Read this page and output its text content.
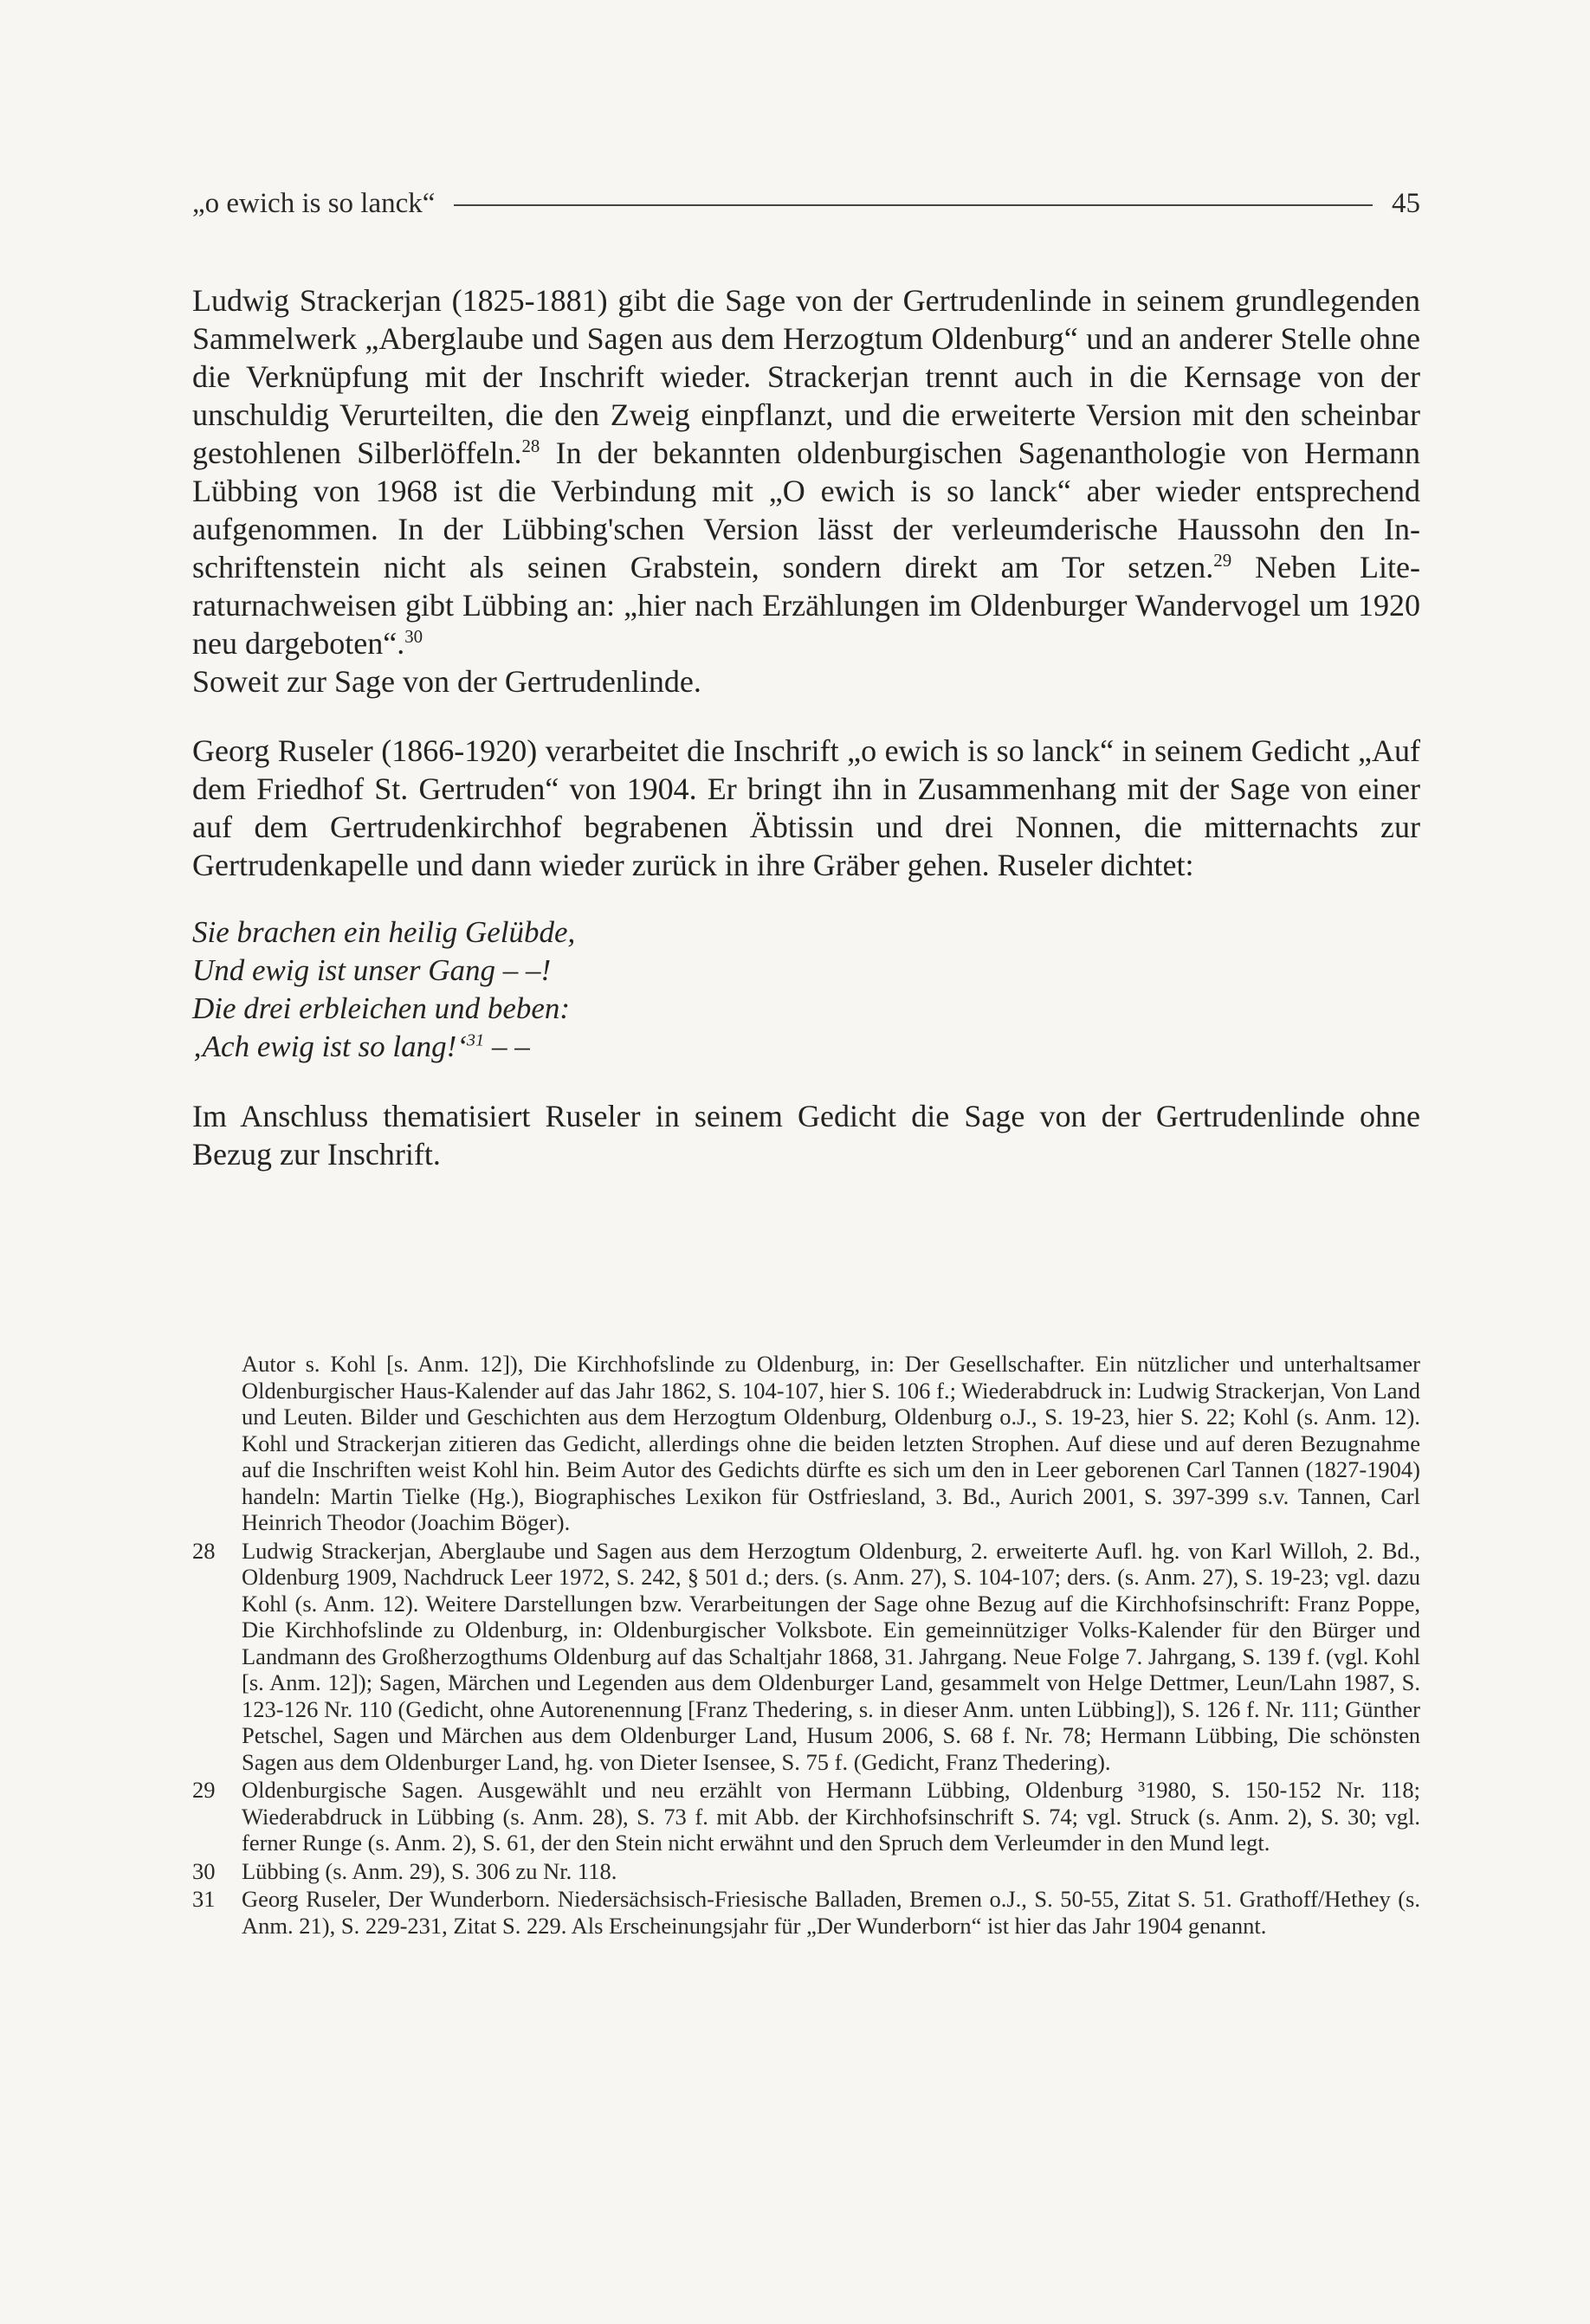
„o ewich is so lanck“	45

Ludwig Strackerjan (1825-1881) gibt die Sage von der Gertrudenlinde in seinem grundlegenden Sammelwerk „Aberglaube und Sagen aus dem Herzogtum Oldenburg“ und an anderer Stelle ohne die Verknüpfung mit der Inschrift wieder. Strackerjan trennt auch in die Kernsage von der unschuldig Verurteilten, die den Zweig einpflanzt, und die erweiterte Version mit den scheinbar gestohlenen Silberlöffeln.$^{28}$ In der bekannten oldenburgischen Sagenanthologie von Hermann Lübbing von 1968 ist die Verbindung mit „O ewich is so lanck“ aber wieder entsprechend aufgenommen. In der Lübbing'schen Version lässt der verleumderische Haussohn den Inschriftenstein nicht als seinen Grabstein, sondern direkt am Tor setzen.$^{29}$ Neben Literaturnachweisen gibt Lübbing an: „hier nach Erzählungen im Oldenburger Wandervogel um 1920 neu dargeboten“.$^{30}$

Soweit zur Sage von der Gertrudenlinde.

Georg Ruseler (1866-1920) verarbeitet die Inschrift „o ewich is so lanck“ in seinem Gedicht „Auf dem Friedhof St. Gertruden“ von 1904. Er bringt ihn in Zusammenhang mit der Sage von einer auf dem Gertrudenkirchhof begrabenen Äbtissin und drei Nonnen, die mitternachts zur Gertrudenkapelle und dann wieder zurück in ihre Gräber gehen. Ruseler dichtet:

Sie brachen ein heilig Gelübde,
Und ewig ist unser Gang – –!
Die drei erbleichen und beben:
‚Ach ewig ist so lang!‘$^{31}$ – –

Im Anschluss thematisiert Ruseler in seinem Gedicht die Sage von der Gertrudenlinde ohne Bezug zur Inschrift.

Autor s. Kohl [s. Anm. 12]), Die Kirchhofslinde zu Oldenburg, in: Der Gesellschafter. Ein nützlicher und unterhaltsamer Oldenburgischer Haus-Kalender auf das Jahr 1862, S. 104-107, hier S. 106 f.; Wiederabdruck in: Ludwig Strackerjan, Von Land und Leuten. Bilder und Geschichten aus dem Herzogtum Oldenburg, Oldenburg o.J., S. 19-23, hier S. 22; Kohl (s. Anm. 12). Kohl und Strackerjan zitieren das Gedicht, allerdings ohne die beiden letzten Strophen. Auf diese und auf deren Bezugnahme auf die Inschriften weist Kohl hin. Beim Autor des Gedichts dürfte es sich um den in Leer geborenen Carl Tannen (1827-1904) handeln: Martin Tielke (Hg.), Biographisches Lexikon für Ostfriesland, 3. Bd., Aurich 2001, S. 397-399 s.v. Tannen, Carl Heinrich Theodor (Joachim Böger).
28	Ludwig Strackerjan, Aberglaube und Sagen aus dem Herzogtum Oldenburg, 2. erweiterte Aufl. hg. von Karl Willoh, 2. Bd., Oldenburg 1909, Nachdruck Leer 1972, S. 242, § 501 d.; ders. (s. Anm. 27), S. 104-107; ders. (s. Anm. 27), S. 19-23; vgl. dazu Kohl (s. Anm. 12). Weitere Darstellungen bzw. Verarbeitungen der Sage ohne Bezug auf die Kirchhofsinschrift: Franz Poppe, Die Kirchhofslinde zu Oldenburg, in: Oldenburgischer Volksbote. Ein gemeinnütziger Volks-Kalender für den Bürger und Landmann des Großherzogthums Oldenburg auf das Schaltjahr 1868, 31. Jahrgang. Neue Folge 7. Jahrgang, S. 139 f. (vgl. Kohl [s. Anm. 12]); Sagen, Märchen und Legenden aus dem Oldenburger Land, gesammelt von Helge Dettmer, Leun/Lahn 1987, S. 123-126 Nr. 110 (Gedicht, ohne Autorenennung [Franz Thedering, s. in dieser Anm. unten Lübbing]), S. 126 f. Nr. 111; Günther Petschel, Sagen und Märchen aus dem Oldenburger Land, Husum 2006, S. 68 f. Nr. 78; Hermann Lübbing, Die schönsten Sagen aus dem Oldenburger Land, hg. von Dieter Isensee, S. 75 f. (Gedicht, Franz Thedering).
29	Oldenburgische Sagen. Ausgewählt und neu erzählt von Hermann Lübbing, Oldenburg ³1980, S. 150-152 Nr. 118; Wiederabdruck in Lübbing (s. Anm. 28), S. 73 f. mit Abb. der Kirchhofsinschrift S. 74; vgl. Struck (s. Anm. 2), S. 30; vgl. ferner Runge (s. Anm. 2), S. 61, der den Stein nicht erwähnt und den Spruch dem Verleumder in den Mund legt.
30	Lübbing (s. Anm. 29), S. 306 zu Nr. 118.
31	Georg Ruseler, Der Wunderborn. Niedersächsisch-Friesische Balladen, Bremen o.J., S. 50-55, Zitat S. 51. Grathoff/Hethey (s. Anm. 21), S. 229-231, Zitat S. 229. Als Erscheinungsjahr für „Der Wunderborn“ ist hier das Jahr 1904 genannt.
